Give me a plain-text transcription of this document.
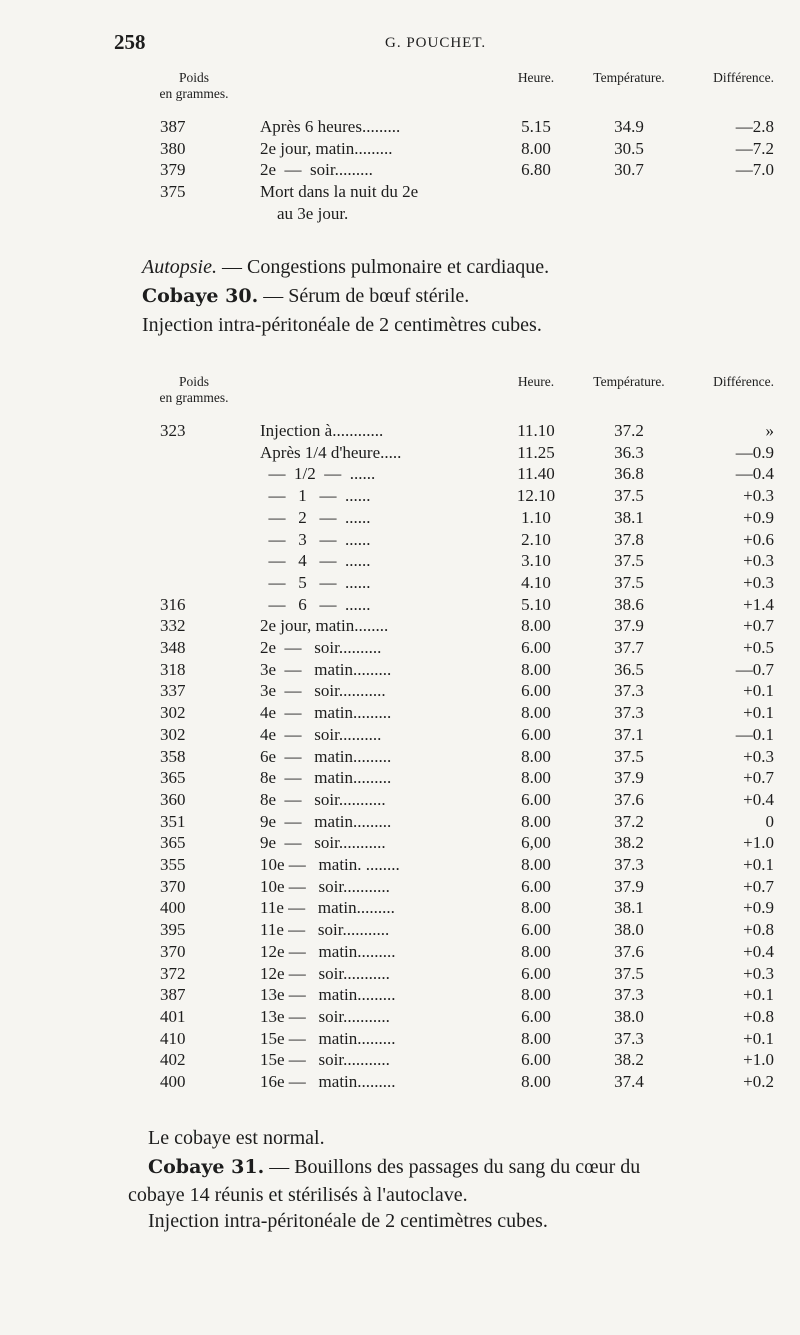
258	G. POUCHET.
Poids
en grammes.		Heure.	Température.	Différence.
387	Après 6 heures.........	5.15	34.9	—2.8
380	2e jour, matin.........	8.00	30.5	—7.2
379	2e  —  soir.........	6.80	30.7	—7.0
375	Mort dans la nuit du 2e			
	au 3e jour.			
Autopsie. — Congestions pulmonaire et cardiaque.
Cobaye 30. — Sérum de bœuf stérile.
Injection intra-péritonéale de 2 centimètres cubes.
Poids
en grammes.		Heure.	Température.	Différence.
323	Injection à............	11.10	37.2	»
	Après 1/4 d'heure.....	11.25	36.3	—0.9
	—  1/2  —  ......	11.40	36.8	—0.4
	—   1   —  ......	12.10	37.5	+0.3
	—   2   —  ......	1.10	38.1	+0.9
	—   3   —  ......	2.10	37.8	+0.6
	—   4   —  ......	3.10	37.5	+0.3
	—   5   —  ......	4.10	37.5	+0.3
316	—   6   —  ......	5.10	38.6	+1.4
332	2e jour, matin........	8.00	37.9	+0.7
348	2e  —   soir..........	6.00	37.7	+0.5
318	3e  —   matin.........	8.00	36.5	—0.7
337	3e  —   soir...........	6.00	37.3	+0.1
302	4e  —   matin.........	8.00	37.3	+0.1
302	4e  —   soir..........	6.00	37.1	—0.1
358	6e  —   matin.........	8.00	37.5	+0.3
365	8e  —   matin.........	8.00	37.9	+0.7
360	8e  —   soir...........	6.00	37.6	+0.4
351	9e  —   matin.........	8.00	37.2	0
365	9e  —   soir...........	6,00	38.2	+1.0
355	10e —   matin. ........	8.00	37.3	+0.1
370	10e —   soir...........	6.00	37.9	+0.7
400	11e —   matin.........	8.00	38.1	+0.9
395	11e —   soir...........	6.00	38.0	+0.8
370	12e —   matin.........	8.00	37.6	+0.4
372	12e —   soir...........	6.00	37.5	+0.3
387	13e —   matin.........	8.00	37.3	+0.1
401	13e —   soir...........	6.00	38.0	+0.8
410	15e —   matin.........	8.00	37.3	+0.1
402	15e —   soir...........	6.00	38.2	+1.0
400	16e —   matin.........	8.00	37.4	+0.2
Le cobaye est normal.
Cobaye 31. — Bouillons des passages du sang du cœur du
cobaye 14 réunis et stérilisés à l'autoclave.
Injection intra-péritonéale de 2 centimètres cubes.
